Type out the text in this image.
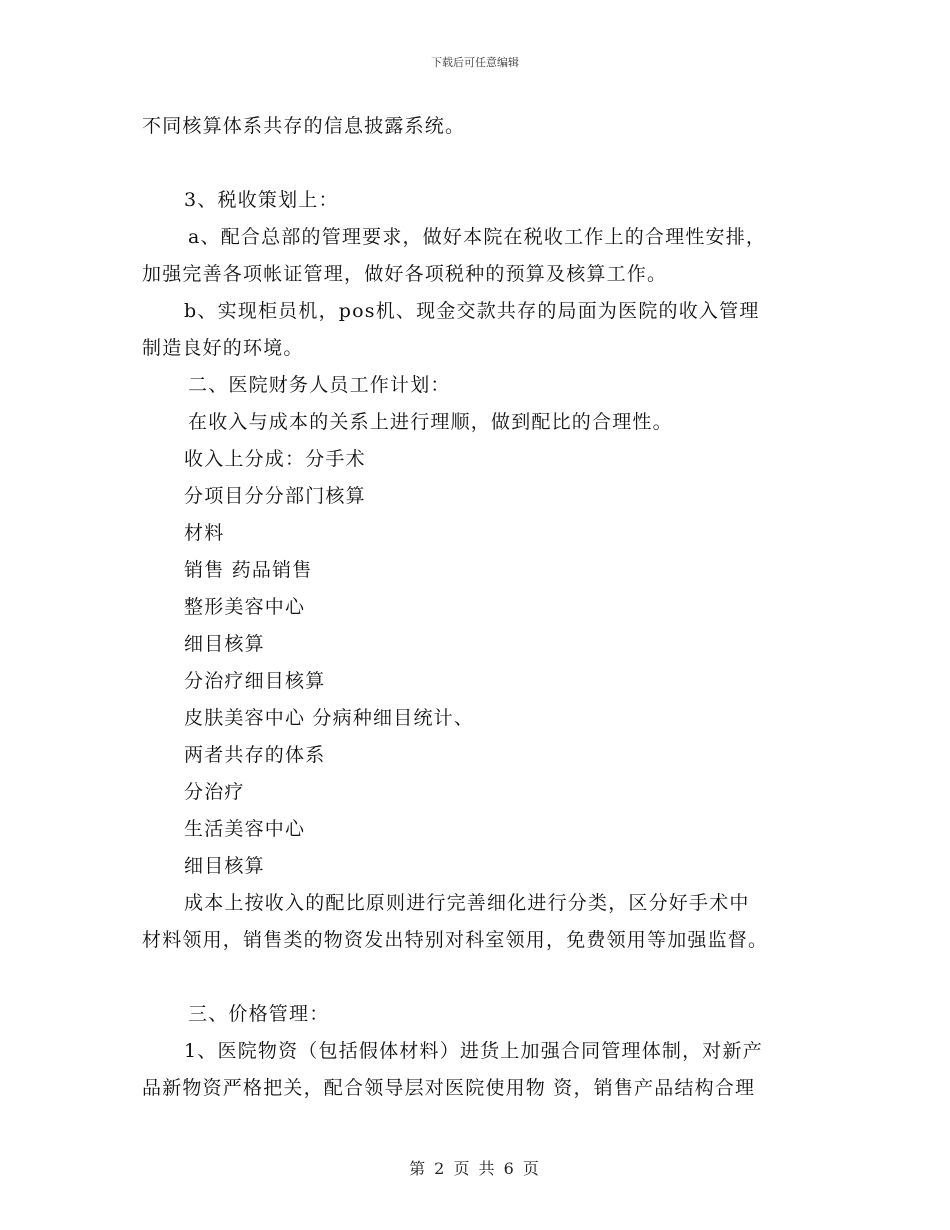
下载后可任意编辑

不同核算体系共存的信息披露系统。

3、税收策划上：

a、配合总部的管理要求，做好本院在税收工作上的合理性安排，

加强完善各项帐证管理，做好各项税种的预算及核算工作。

b、实现柜员机，pos机、现金交款共存的局面为医院的收入管理

制造良好的环境。

二、医院财务人员工作计划：

在收入与成本的关系上进行理顺，做到配比的合理性。

收入上分成：分手术

分项目分分部门核算

材料

销售 药品销售

整形美容中心

细目核算

分治疗细目核算

皮肤美容中心 分病种细目统计、

两者共存的体系

分治疗

生活美容中心

细目核算

成本上按收入的配比原则进行完善细化进行分类，区分好手术中

材料领用，销售类的物资发出特别对科室领用，免费领用等加强监督。

三、价格管理：

1、医院物资（包括假体材料）进货上加强合同管理体制，对新产

品新物资严格把关，配合领导层对医院使用物 资，销售产品结构合理

第 2 页 共 6 页
